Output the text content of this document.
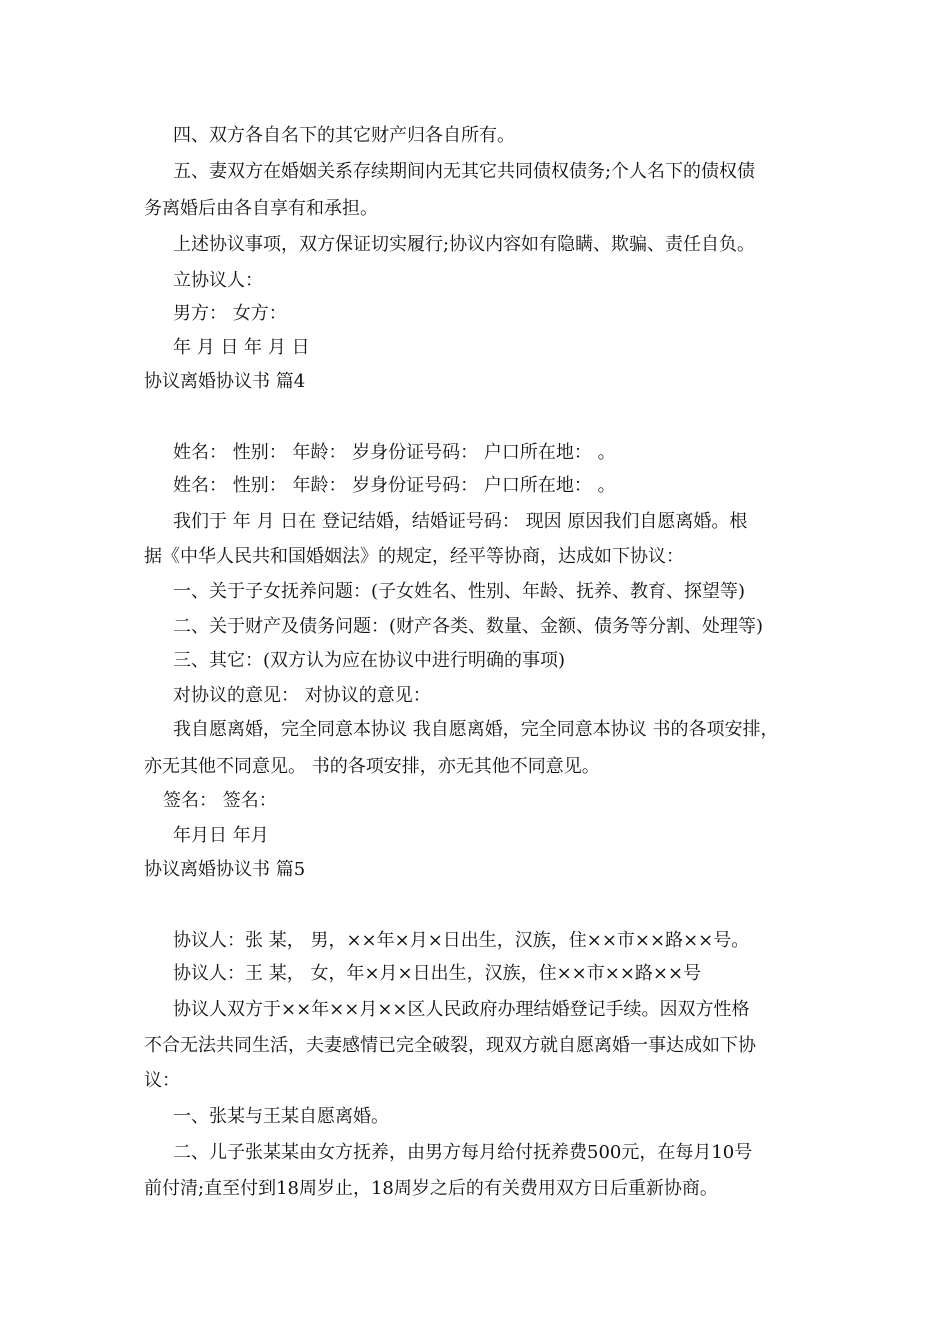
四、双方各自名下的其它财产归各自所有。
五、妻双方在婚姻关系存续期间内无其它共同债权债务;个人名下的债权债
务离婚后由各自享有和承担。
上述协议事项，双方保证切实履行;协议内容如有隐瞒、欺骗、责任自负。
立协议人：
男方： 女方：
年 月 日 年 月 日
协议离婚协议书 篇4
姓名： 性别： 年龄： 岁身份证号码： 户口所在地： 。
姓名： 性别： 年龄： 岁身份证号码： 户口所在地： 。
我们于 年 月 日在 登记结婚，结婚证号码： 现因 原因我们自愿离婚。根
据《中华人民共和国婚姻法》的规定，经平等协商，达成如下协议：
一、关于子女抚养问题：(子女姓名、性别、年龄、抚养、教育、探望等)
二、关于财产及债务问题：(财产各类、数量、金额、债务等分割、处理等)
三、其它：(双方认为应在协议中进行明确的事项)
对协议的意见： 对协议的意见：
我自愿离婚，完全同意本协议 我自愿离婚，完全同意本协议 书的各项安排，
亦无其他不同意见。 书的各项安排，亦无其他不同意见。
签名： 签名：
年月日 年月
协议离婚协议书 篇5
协议人：张 某， 男，××年×月×日出生，汉族，住××市××路××号。
协议人：王 某， 女，年×月×日出生，汉族，住××市××路××号
协议人双方于××年××月××区人民政府办理结婚登记手续。因双方性格
不合无法共同生活，夫妻感情已完全破裂，现双方就自愿离婚一事达成如下协
议：
一、张某与王某自愿离婚。
二、儿子张某某由女方抚养，由男方每月给付抚养费500元，在每月10号
前付清;直至付到18周岁止，18周岁之后的有关费用双方日后重新协商。
